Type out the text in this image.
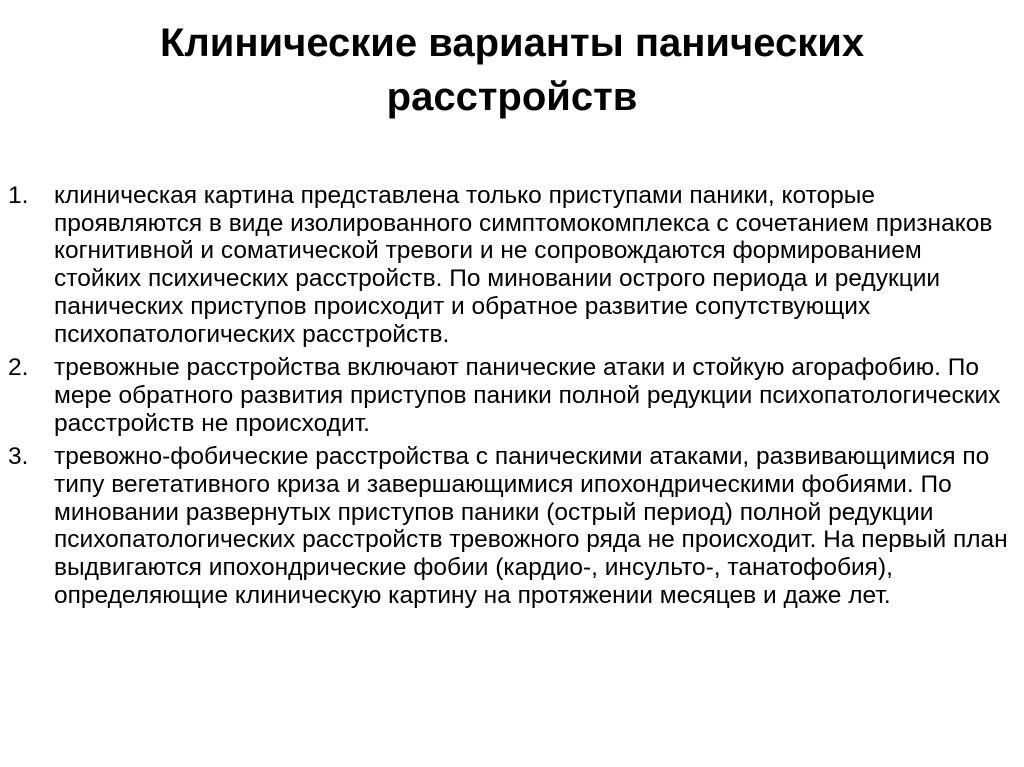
Клинические варианты панических
расстройств
1.	клиническая картина представлена только приступами паники, которые проявляются в виде изолированного симптомокомплекса с сочетанием признаков когнитивной и соматической тревоги и не сопровождаются формированием стойких психических расстройств. По миновании острого периода и редукции панических приступов происходит и обратное развитие сопутствующих психопатологических расстройств.
2.	тревожные расстройства включают панические атаки и стойкую агорафобию. По мере обратного развития приступов паники полной редукции психопатологических расстройств не происходит.
3.	тревожно-фобические расстройства с паническими атаками, развивающимися по типу вегетативного криза и завершающимися ипохондрическими фобиями. По миновании развернутых приступов паники (острый период) полной редукции психопатологических расстройств тревожного ряда не происходит. На первый план выдвигаются ипохондрические фобии (кардио-, инсульто-, танатофобия), определяющие клиническую картину на протяжении месяцев и даже лет.
